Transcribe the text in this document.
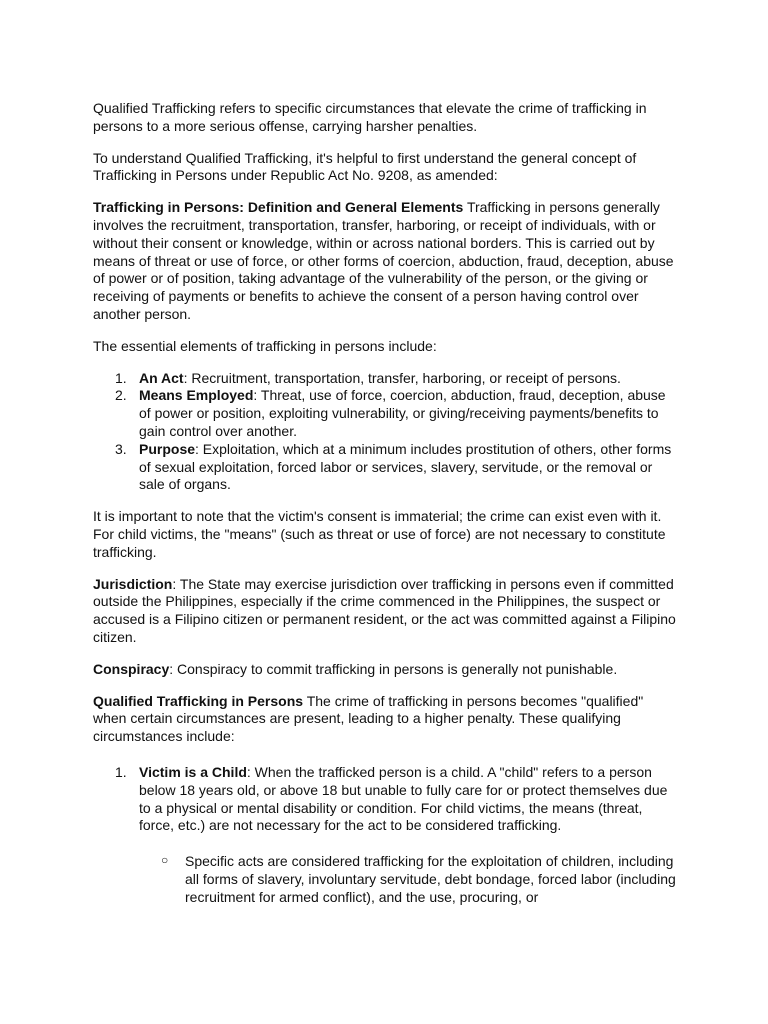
Qualified Trafficking refers to specific circumstances that elevate the crime of trafficking in persons to a more serious offense, carrying harsher penalties.

To understand Qualified Trafficking, it's helpful to first understand the general concept of Trafficking in Persons under Republic Act No. 9208, as amended:

Trafficking in Persons: Definition and General Elements Trafficking in persons generally involves the recruitment, transportation, transfer, harboring, or receipt of individuals, with or without their consent or knowledge, within or across national borders. This is carried out by means of threat or use of force, or other forms of coercion, abduction, fraud, deception, abuse of power or of position, taking advantage of the vulnerability of the person, or the giving or receiving of payments or benefits to achieve the consent of a person having control over another person.

The essential elements of trafficking in persons include:

1. An Act: Recruitment, transportation, transfer, harboring, or receipt of persons.
2. Means Employed: Threat, use of force, coercion, abduction, fraud, deception, abuse of power or position, exploiting vulnerability, or giving/receiving payments/benefits to gain control over another.
3. Purpose: Exploitation, which at a minimum includes prostitution of others, other forms of sexual exploitation, forced labor or services, slavery, servitude, or the removal or sale of organs.

It is important to note that the victim's consent is immaterial; the crime can exist even with it. For child victims, the "means" (such as threat or use of force) are not necessary to constitute trafficking.

Jurisdiction: The State may exercise jurisdiction over trafficking in persons even if committed outside the Philippines, especially if the crime commenced in the Philippines, the suspect or accused is a Filipino citizen or permanent resident, or the act was committed against a Filipino citizen.

Conspiracy: Conspiracy to commit trafficking in persons is generally not punishable.

Qualified Trafficking in Persons The crime of trafficking in persons becomes "qualified" when certain circumstances are present, leading to a higher penalty. These qualifying circumstances include:

1. Victim is a Child: When the trafficked person is a child. A "child" refers to a person below 18 years old, or above 18 but unable to fully care for or protect themselves due to a physical or mental disability or condition. For child victims, the means (threat, force, etc.) are not necessary for the act to be considered trafficking.
○ Specific acts are considered trafficking for the exploitation of children, including all forms of slavery, involuntary servitude, debt bondage, forced labor (including recruitment for armed conflict), and the use, procuring, or
